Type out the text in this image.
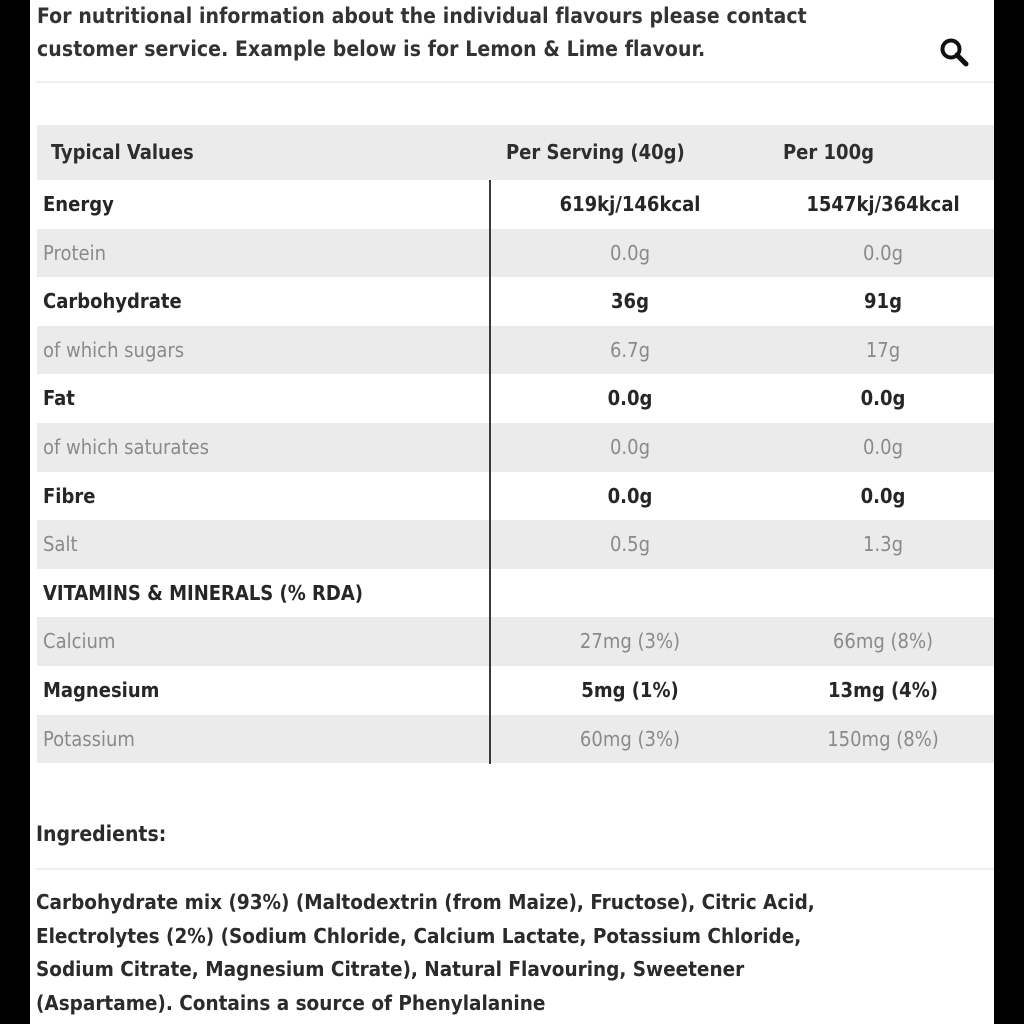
For nutritional information about the individual flavours please contact
customer service. Example below is for Lemon & Lime flavour.
Typical Values	Per Serving (40g)	Per 100g
Energy	619kj/146kcal	1547kj/364kcal
Protein	0.0g	0.0g
Carbohydrate	36g	91g
of which sugars	6.7g	17g
Fat	0.0g	0.0g
of which saturates	0.0g	0.0g
Fibre	0.0g	0.0g
Salt	0.5g	1.3g
VITAMINS & MINERALS (% RDA)
Calcium	27mg (3%)	66mg (8%)
Magnesium	5mg (1%)	13mg (4%)
Potassium	60mg (3%)	150mg (8%)
Ingredients:
Carbohydrate mix (93%) (Maltodextrin (from Maize), Fructose), Citric Acid,
Electrolytes (2%) (Sodium Chloride, Calcium Lactate, Potassium Chloride,
Sodium Citrate, Magnesium Citrate), Natural Flavouring, Sweetener
(Aspartame). Contains a source of Phenylalanine
